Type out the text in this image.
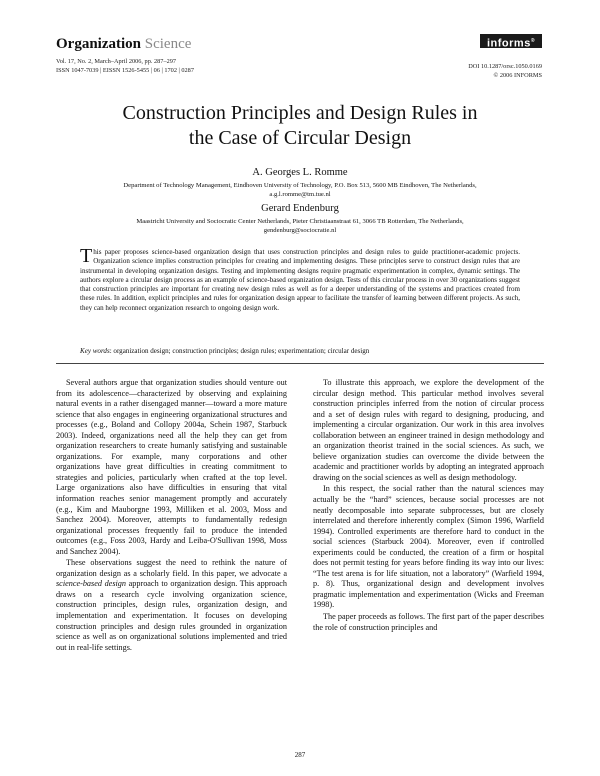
Organization Science
Vol. 17, No. 2, March–April 2006, pp. 287–297
ISSN 1047-7039 | EISSN 1526-5455 | 06 | 1702 | 0287
informs®
DOI 10.1287/orsc.1050.0169
© 2006 INFORMS
Construction Principles and Design Rules in
the Case of Circular Design
A. Georges L. Romme
Department of Technology Management, Eindhoven University of Technology, P.O. Box 513, 5600 MB Eindhoven, The Netherlands,
a.g.l.romme@tm.tue.nl
Gerard Endenburg
Maastricht University and Sociocratic Center Netherlands, Pieter Christiaanstraat 61, 3066 TB Rotterdam, The Netherlands,
gendenburg@sociocratie.nl
This paper proposes science-based organization design that uses construction principles and design rules to guide practitioner-academic projects. Organization science implies construction principles for creating and implementing designs. These principles serve to construct design rules that are instrumental in developing organization designs. Testing and implementing designs require pragmatic experimentation in complex, dynamic settings. The authors explore a circular design process as an example of science-based organization design. Tests of this circular process in over 30 organizations suggest that construction principles are important for creating new design rules as well as for a deeper understanding of the systems and practices created from these rules. In addition, explicit principles and rules for organization design appear to facilitate the transfer of learning between different projects. As such, they can help reconnect organization research to ongoing design work.
Key words: organization design; construction principles; design rules; experimentation; circular design

Several authors argue that organization studies should venture out from its adolescence—characterized by observing and explaining natural events in a rather disengaged manner—toward a more mature science that also engages in engineering organizational structures and processes (e.g., Boland and Collopy 2004a, Schein 1987, Starbuck 2003). Indeed, organizations need all the help they can get from organization researchers to create humanly satisfying and sustainable organizations. For example, many corporations and other organizations have great difficulties in creating commitment to strategies and policies, particularly when crafted at the top level. Large organizations also have difficulties in ensuring that vital information reaches senior management promptly and accurately (e.g., Kim and Mauborgne 1993, Milliken et al. 2003, Moss and Sanchez 2004). Moreover, attempts to fundamentally redesign organizational processes frequently fail to produce the intended outcomes (e.g., Foss 2003, Hardy and Leiba-O'Sullivan 1998, Moss and Sanchez 2004).

These observations suggest the need to rethink the nature of organization design as a scholarly field. In this paper, we advocate a science-based design approach to organization design. This approach draws on a research cycle involving organization science, construction principles, design rules, organization design, and implementation and experimentation. It focuses on developing construction principles and design rules grounded in organization science as well as on organizational solutions implemented and tried out in real-life settings.

To illustrate this approach, we explore the development of the circular design method. This particular method involves several construction principles inferred from the notion of circular process and a set of design rules with regard to designing, producing, and implementing a circular organization. Our work in this area involves collaboration between an engineer trained in design methodology and an organization theorist trained in the social sciences. As such, we believe organization studies can overcome the divide between the academic and practitioner worlds by adopting an integrated approach drawing on the social sciences as well as design methodology.

In this respect, the social rather than the natural sciences may actually be the “hard” sciences, because social processes are not neatly decomposable into separate subprocesses, but are closely interrelated and therefore inherently complex (Simon 1996, Warfield 1994). Controlled experiments are therefore hard to conduct in the social sciences (Starbuck 2004). Moreover, even if controlled experiments could be conducted, the creation of a firm or hospital does not permit testing for years before finding its way into our lives: “The test arena is for life situation, not a laboratory” (Warfield 1994, p. 8). Thus, organizational design and development involves pragmatic implementation and experimentation (Wicks and Freeman 1998).

The paper proceeds as follows. The first part of the paper describes the role of construction principles and

287
